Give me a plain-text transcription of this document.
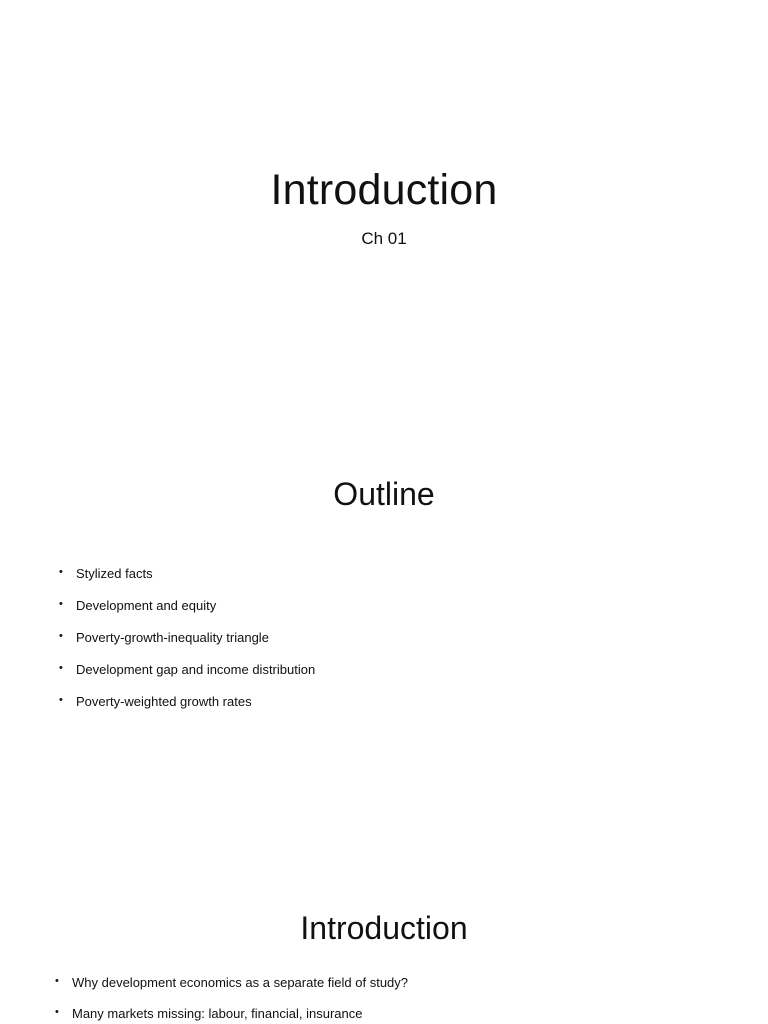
Introduction
Ch 01
Outline
• Stylized facts
• Development and equity
• Poverty-growth-inequality triangle
• Development gap and income distribution
• Poverty-weighted growth rates
Introduction
• Why development economics as a separate field of study?
• Many markets missing: labour, financial, insurance
